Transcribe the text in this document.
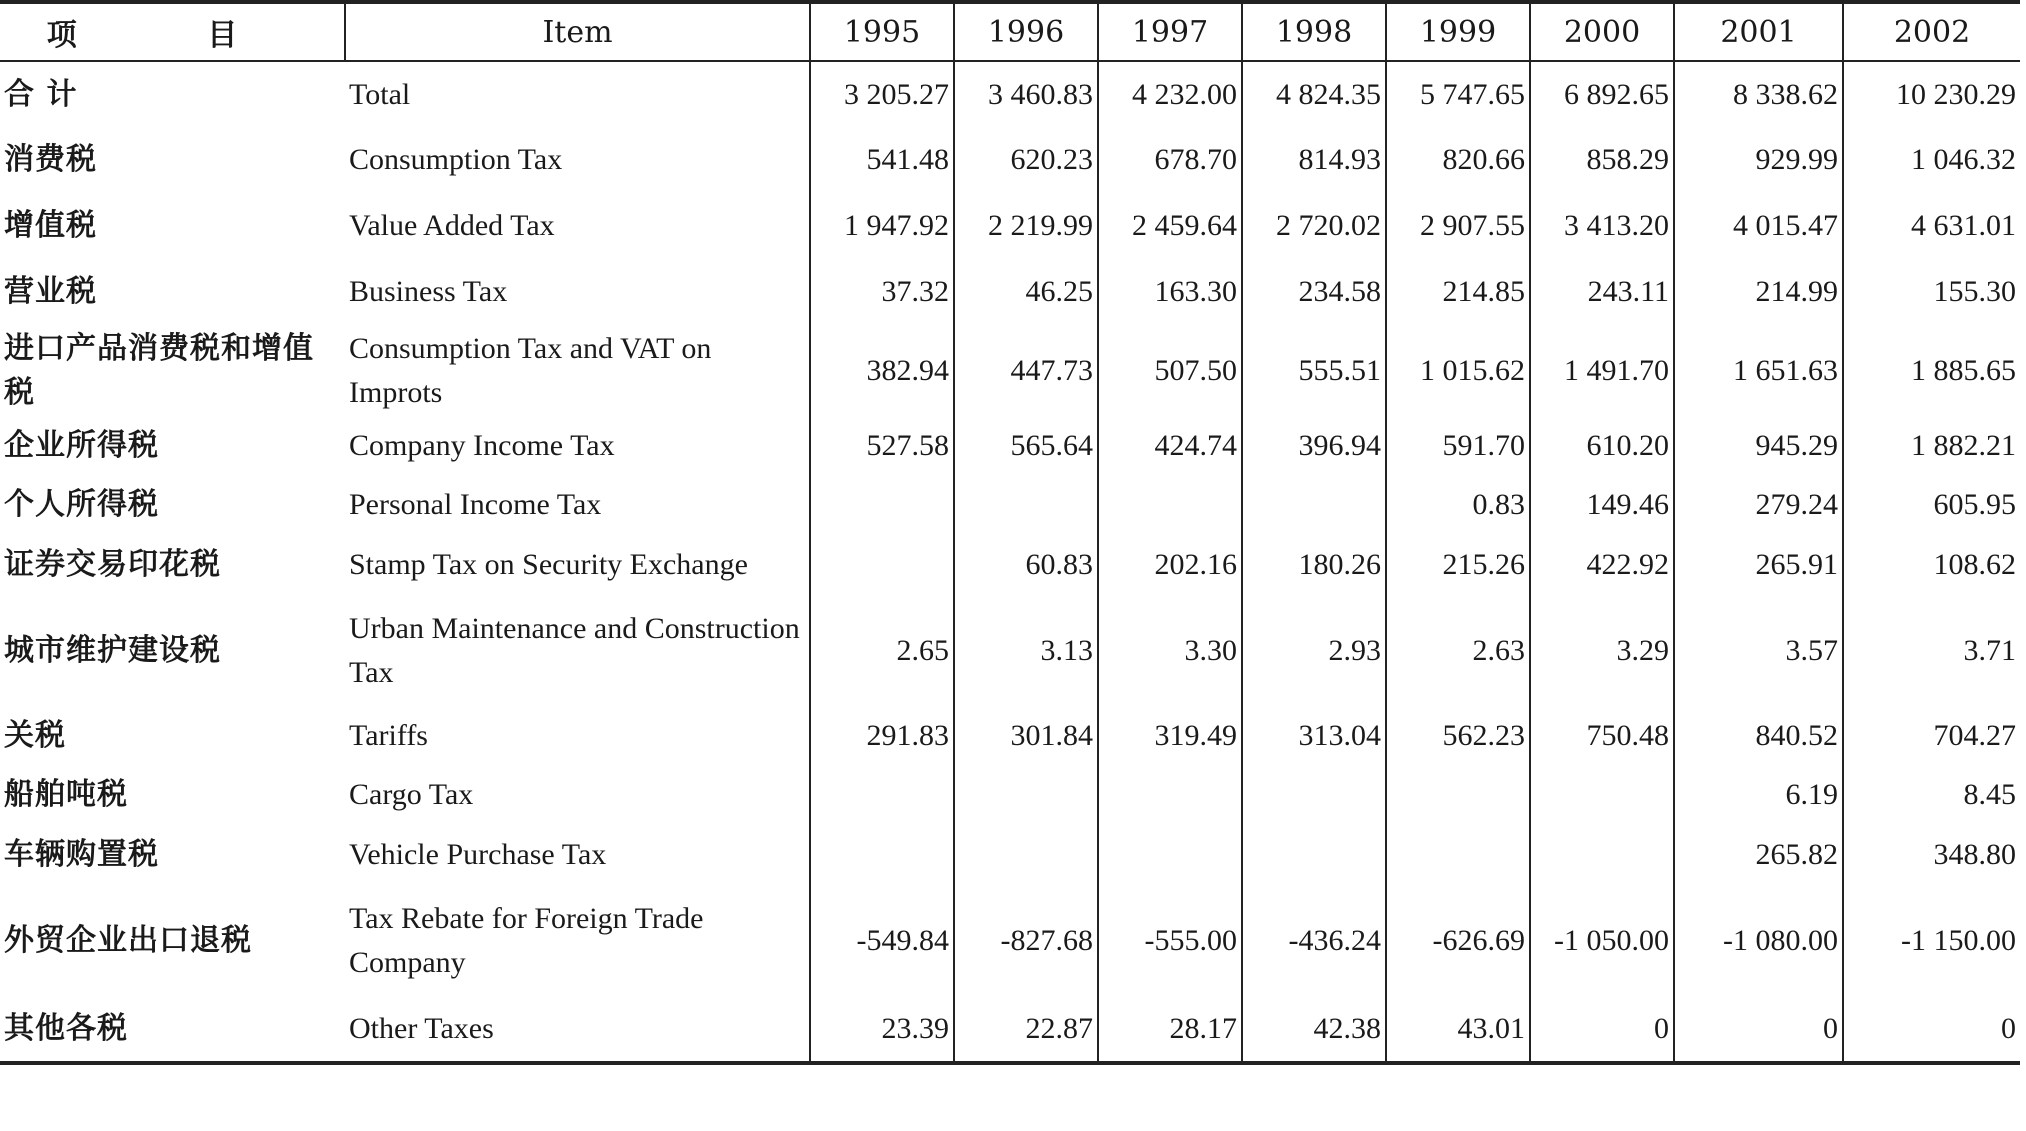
项 目	Item	1995	1996	1997	1998	1999	2000	2001	2002
合 计	Total	3 205.27	3 460.83	4 232.00	4 824.35	5 747.65	6 892.65	8 338.62	10 230.29
消费税	Consumption Tax	541.48	620.23	678.70	814.93	820.66	858.29	929.99	1 046.32
增值税	Value Added Tax	1 947.92	2 219.99	2 459.64	2 720.02	2 907.55	3 413.20	4 015.47	4 631.01
营业税	Business Tax	37.32	46.25	163.30	234.58	214.85	243.11	214.99	155.30
进口产品消费税和增值税	Consumption Tax and VAT on Improts	382.94	447.73	507.50	555.51	1 015.62	1 491.70	1 651.63	1 885.65
企业所得税	Company Income Tax	527.58	565.64	424.74	396.94	591.70	610.20	945.29	1 882.21
个人所得税	Personal Income Tax					0.83	149.46	279.24	605.95
证券交易印花税	Stamp Tax on Security Exchange		60.83	202.16	180.26	215.26	422.92	265.91	108.62
城市维护建设税	Urban Maintenance and Construction Tax	2.65	3.13	3.30	2.93	2.63	3.29	3.57	3.71
关税	Tariffs	291.83	301.84	319.49	313.04	562.23	750.48	840.52	704.27
船舶吨税	Cargo Tax							6.19	8.45
车辆购置税	Vehicle Purchase Tax							265.82	348.80
外贸企业出口退税	Tax Rebate for Foreign Trade Company	-549.84	-827.68	-555.00	-436.24	-626.69	-1 050.00	-1 080.00	-1 150.00
其他各税	Other Taxes	23.39	22.87	28.17	42.38	43.01	0	0	0
